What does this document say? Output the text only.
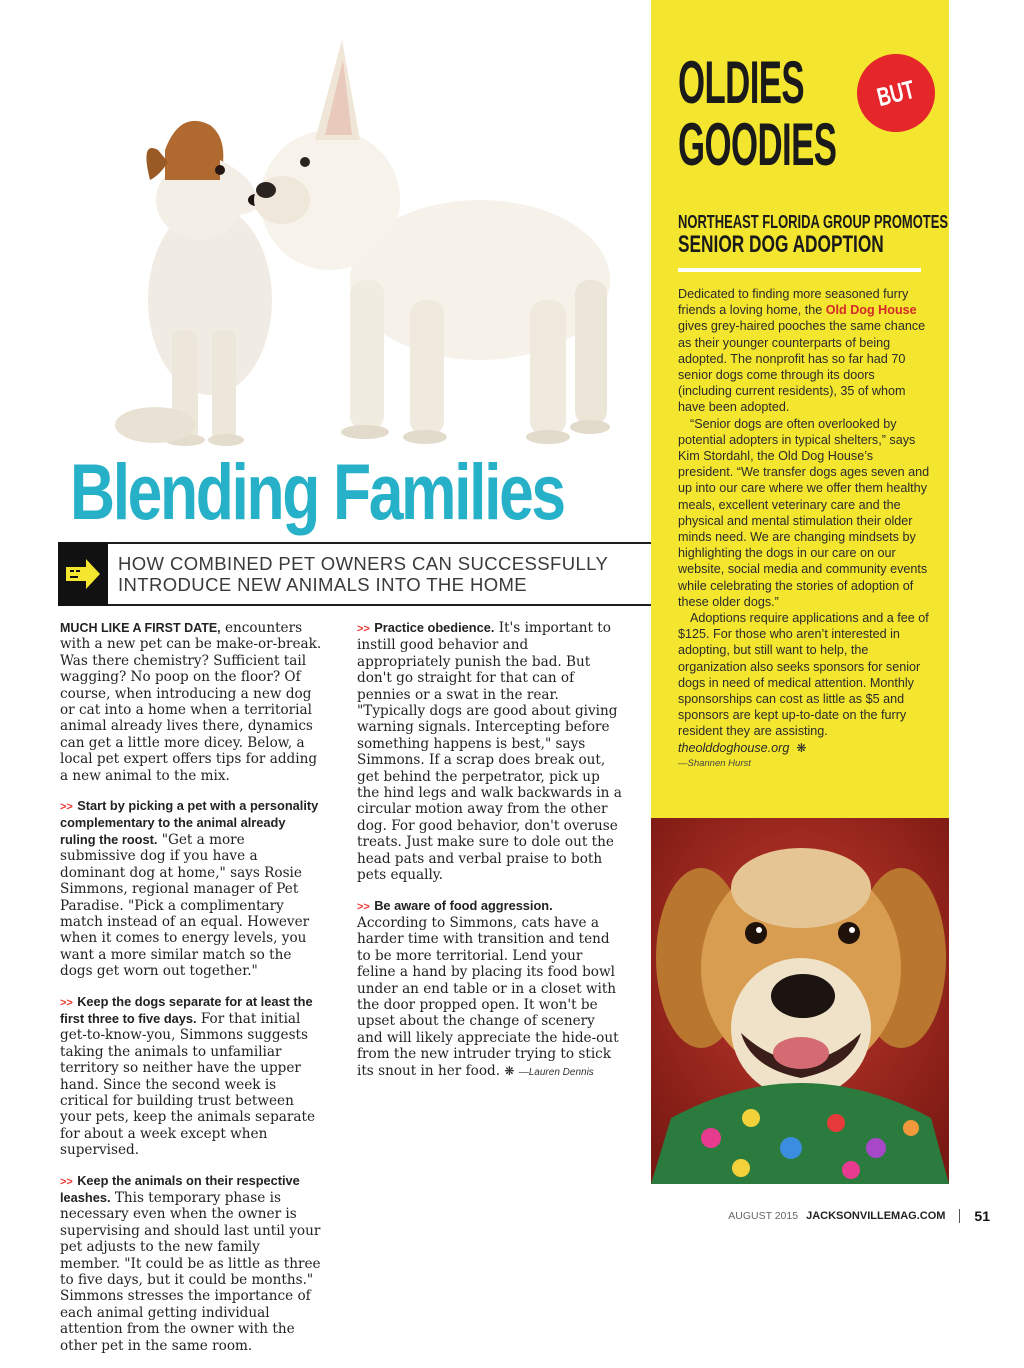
Blending Families
HOW COMBINED PET OWNERS CAN SUCCESSFULLY
INTRODUCE NEW ANIMALS INTO THE HOME

MUCH LIKE A FIRST DATE, encounters with a new pet can be make-or-break. Was there chemistry? Sufficient tail wagging? No poop on the floor? Of course, when introducing a new dog or cat into a home when a territorial animal already lives there, dynamics can get a little more dicey. Below, a local pet expert offers tips for adding a new animal to the mix.

>> Start by picking a pet with a personality complementary to the animal already ruling the roost. "Get a more submissive dog if you have a dominant dog at home," says Rosie Simmons, regional manager of Pet Paradise. "Pick a complimentary match instead of an equal. However when it comes to energy levels, you want a more similar match so the dogs get worn out together."

>> Keep the dogs separate for at least the first three to five days. For that initial get-to-know-you, Simmons suggests taking the animals to unfamiliar territory so neither have the upper hand. Since the second week is critical for building trust between your pets, keep the animals separate for about a week except when supervised.

>> Keep the animals on their respective leashes. This temporary phase is necessary even when the owner is supervising and should last until your pet adjusts to the new family member. "It could be as little as three to five days, but it could be months." Simmons stresses the importance of each animal getting individual attention from the owner with the other pet in the same room.

>> Practice obedience. It's important to instill good behavior and appropriately punish the bad. But don't go straight for that can of pennies or a swat in the rear. "Typically dogs are good about giving warning signals. Intercepting before something happens is best," says Simmons. If a scrap does break out, get behind the perpetrator, pick up the hind legs and walk backwards in a circular motion away from the other dog. For good behavior, don't overuse treats. Just make sure to dole out the head pats and verbal praise to both pets equally.

>> Be aware of food aggression. According to Simmons, cats have a harder time with transition and tend to be more territorial. Lend your feline a hand by placing its food bowl under an end table or in a closet with the door propped open. It won't be upset about the change of scenery and will likely appreciate the hide-out from the new intruder trying to stick its snout in her food. ❋ —Lauren Dennis

OLDIES
GOODIES
BUT
NORTHEAST FLORIDA GROUP PROMOTES
SENIOR DOG ADOPTION

Dedicated to finding more seasoned furry friends a loving home, the Old Dog House gives grey-haired pooches the same chance as their younger counterparts of being adopted. The nonprofit has so far had 70 senior dogs come through its doors (including current residents), 35 of whom have been adopted.

“Senior dogs are often overlooked by potential adopters in typical shelters,” says Kim Stordahl, the Old Dog House’s president. “We transfer dogs ages seven and up into our care where we offer them healthy meals, excellent veterinary care and the physical and mental stimulation their older minds need. We are changing mindsets by highlighting the dogs in our care on our website, social media and community events while celebrating the stories of adoption of these older dogs.”

Adoptions require applications and a fee of $125. For those who aren’t interested in adopting, but still want to help, the organization also seeks sponsors for senior dogs in need of medical attention. Monthly sponsorships can cost as little as $5 and sponsors are kept up-to-date on the furry resident they are assisting. theolddoghouse.org ❋

—Shannen Hurst
AUGUST 2015 JACKSONVILLEMAG.COM 51
